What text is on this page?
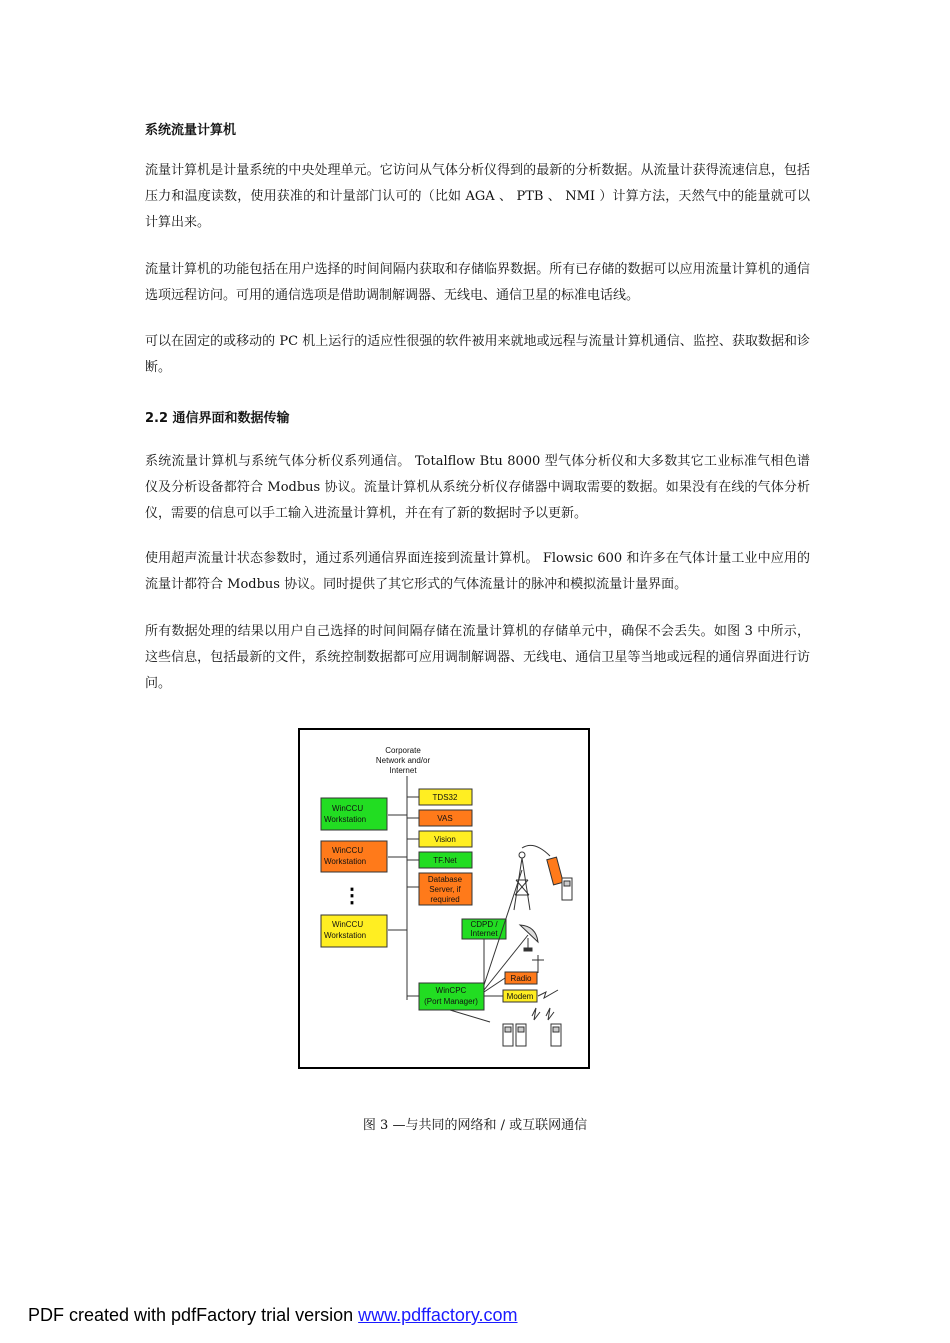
系统流量计算机

流量计算机是计量系统的中央处理单元。它访问从气体分析仪得到的最新的分析数据。从流量计获得流速信息，包括压力和温度读数，使用获准的和计量部门认可的（比如 AGA 、 PTB 、 NMI ）计算方法，天然气中的能量就可以计算出来。

流量计算机的功能包括在用户选择的时间间隔内获取和存储临界数据。所有已存储的数据可以应用流量计算机的通信选项远程访问。可用的通信选项是借助调制解调器、无线电、通信卫星的标准电话线。

可以在固定的或移动的 PC 机上运行的适应性很强的软件被用来就地或远程与流量计算机通信、监控、获取数据和诊断。

2.2 通信界面和数据传输

系统流量计算机与系统气体分析仪系列通信。 Totalflow Btu 8000 型气体分析仪和大多数其它工业标准气相色谱仪及分析设备都符合 Modbus 协议。流量计算机从系统分析仪存储器中调取需要的数据。如果没有在线的气体分析仪，需要的信息可以手工输入进流量计算机，并在有了新的数据时予以更新。

使用超声流量计状态参数时，通过系列通信界面连接到流量计算机。 Flowsic 600 和许多在气体计量工业中应用的流量计都符合 Modbus 协议。同时提供了其它形式的气体流量计的脉冲和模拟流量计量界面。

所有数据处理的结果以用户自己选择的时间间隔存储在流量计算机的存储单元中，确保不会丢失。如图 3 中所示，这些信息，包括最新的文件，系统控制数据都可应用调制解调器、无线电、通信卫星等当地或远程的通信界面进行访问。

Corporate
Network and/or
Internet
WinCCU
Workstation
WinCCU
Workstation
⋮
WinCCU
Workstation
TDS32
VAS
Vision
TF.Net
Database
Server, if
required
CDPD /
Internet
WinCPC
(Port Manager)
Radio
Modem

图 3 —与共同的网络和 / 或互联网通信

PDF created with pdfFactory trial version www.pdffactory.com
